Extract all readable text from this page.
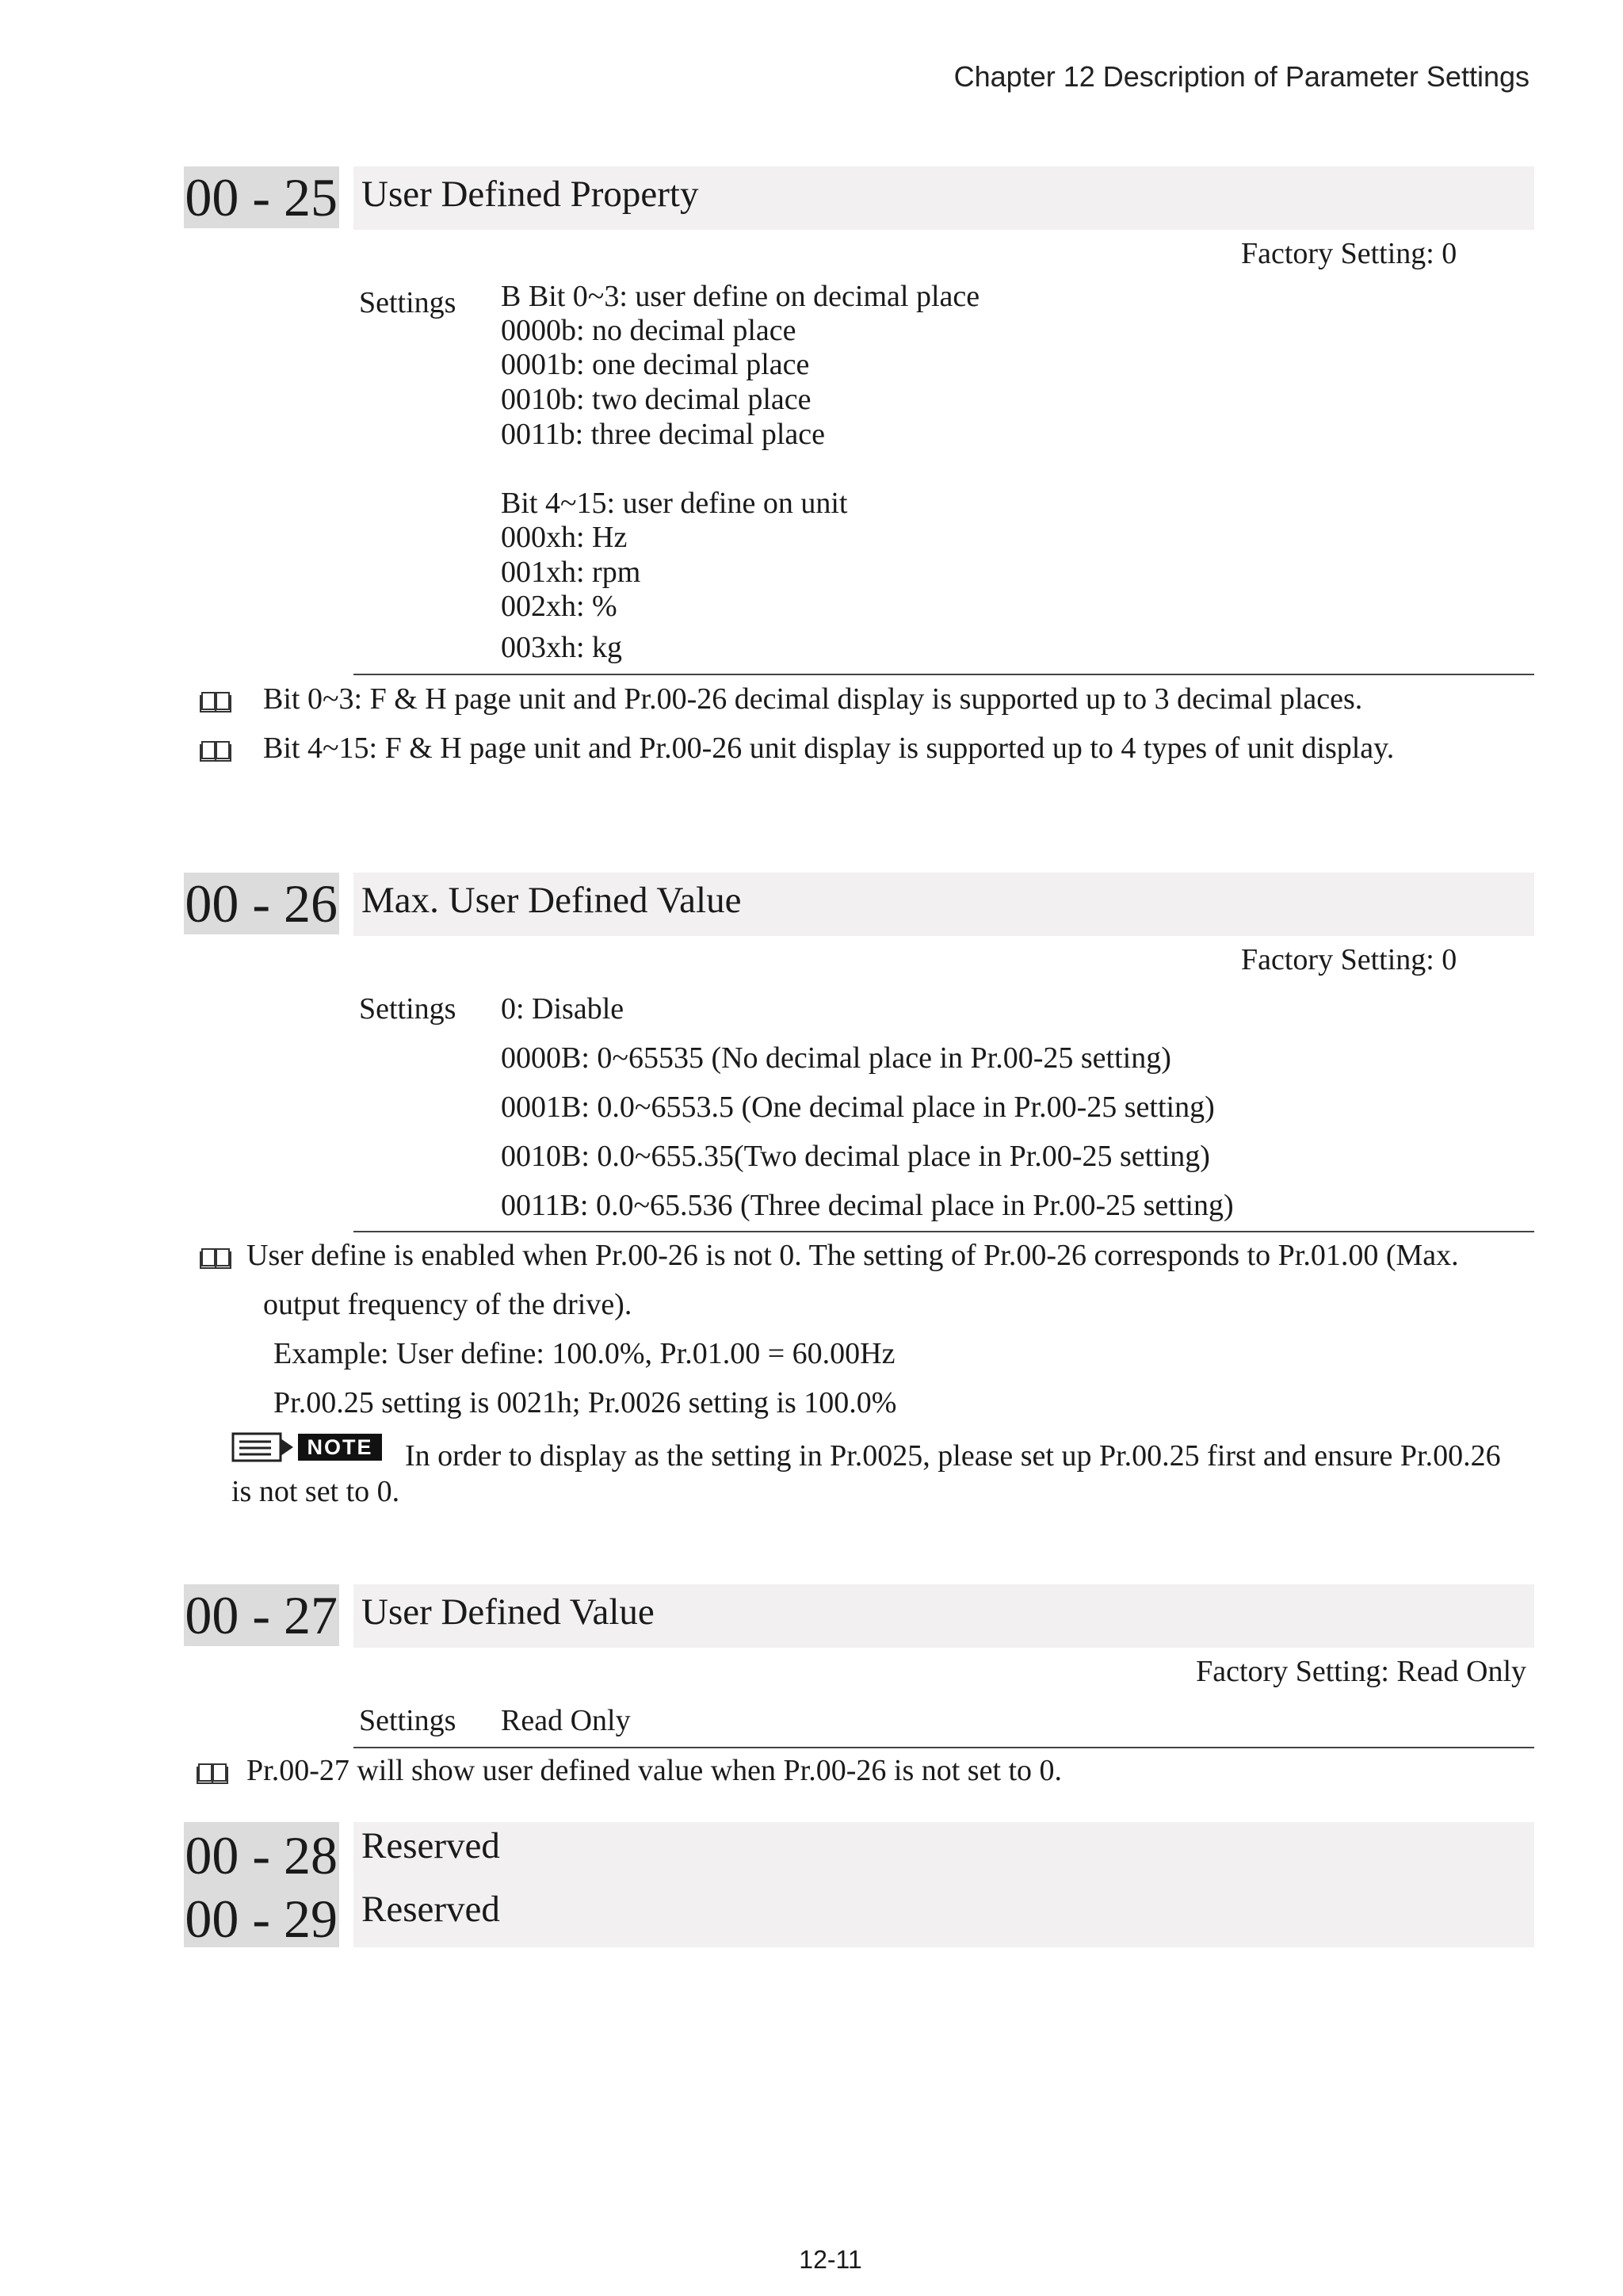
Chapter 12 Description of Parameter Settings
00 - 25 User Defined Property
Factory Setting: 0
Settings B Bit 0~3: user define on decimal place
0000b: no decimal place
0001b: one decimal place
0010b: two decimal place
0011b: three decimal place
Bit 4~15: user define on unit
000xh: Hz
001xh: rpm
002xh: %
003xh: kg
Bit 0~3: F & H page unit and Pr.00-26 decimal display is supported up to 3 decimal places.
Bit 4~15: F & H page unit and Pr.00-26 unit display is supported up to 4 types of unit display.
00 - 26 Max. User Defined Value
Factory Setting: 0
Settings 0: Disable
0000B: 0~65535 (No decimal place in Pr.00-25 setting)
0001B: 0.0~6553.5 (One decimal place in Pr.00-25 setting)
0010B: 0.0~655.35(Two decimal place in Pr.00-25 setting)
0011B: 0.0~65.536 (Three decimal place in Pr.00-25 setting)
User define is enabled when Pr.00-26 is not 0. The setting of Pr.00-26 corresponds to Pr.01.00 (Max.
output frequency of the drive).
Example: User define: 100.0%, Pr.01.00 = 60.00Hz
Pr.00.25 setting is 0021h; Pr.0026 setting is 100.0%
NOTE	In order to display as the setting in Pr.0025, please set up Pr.00.25 first and ensure Pr.00.26
is not set to 0.
00 - 27 User Defined Value
Factory Setting: Read Only
Settings Read Only
Pr.00-27 will show user defined value when Pr.00-26 is not set to 0.
00 - 28
00 - 29
Reserved
Reserved
12-11
